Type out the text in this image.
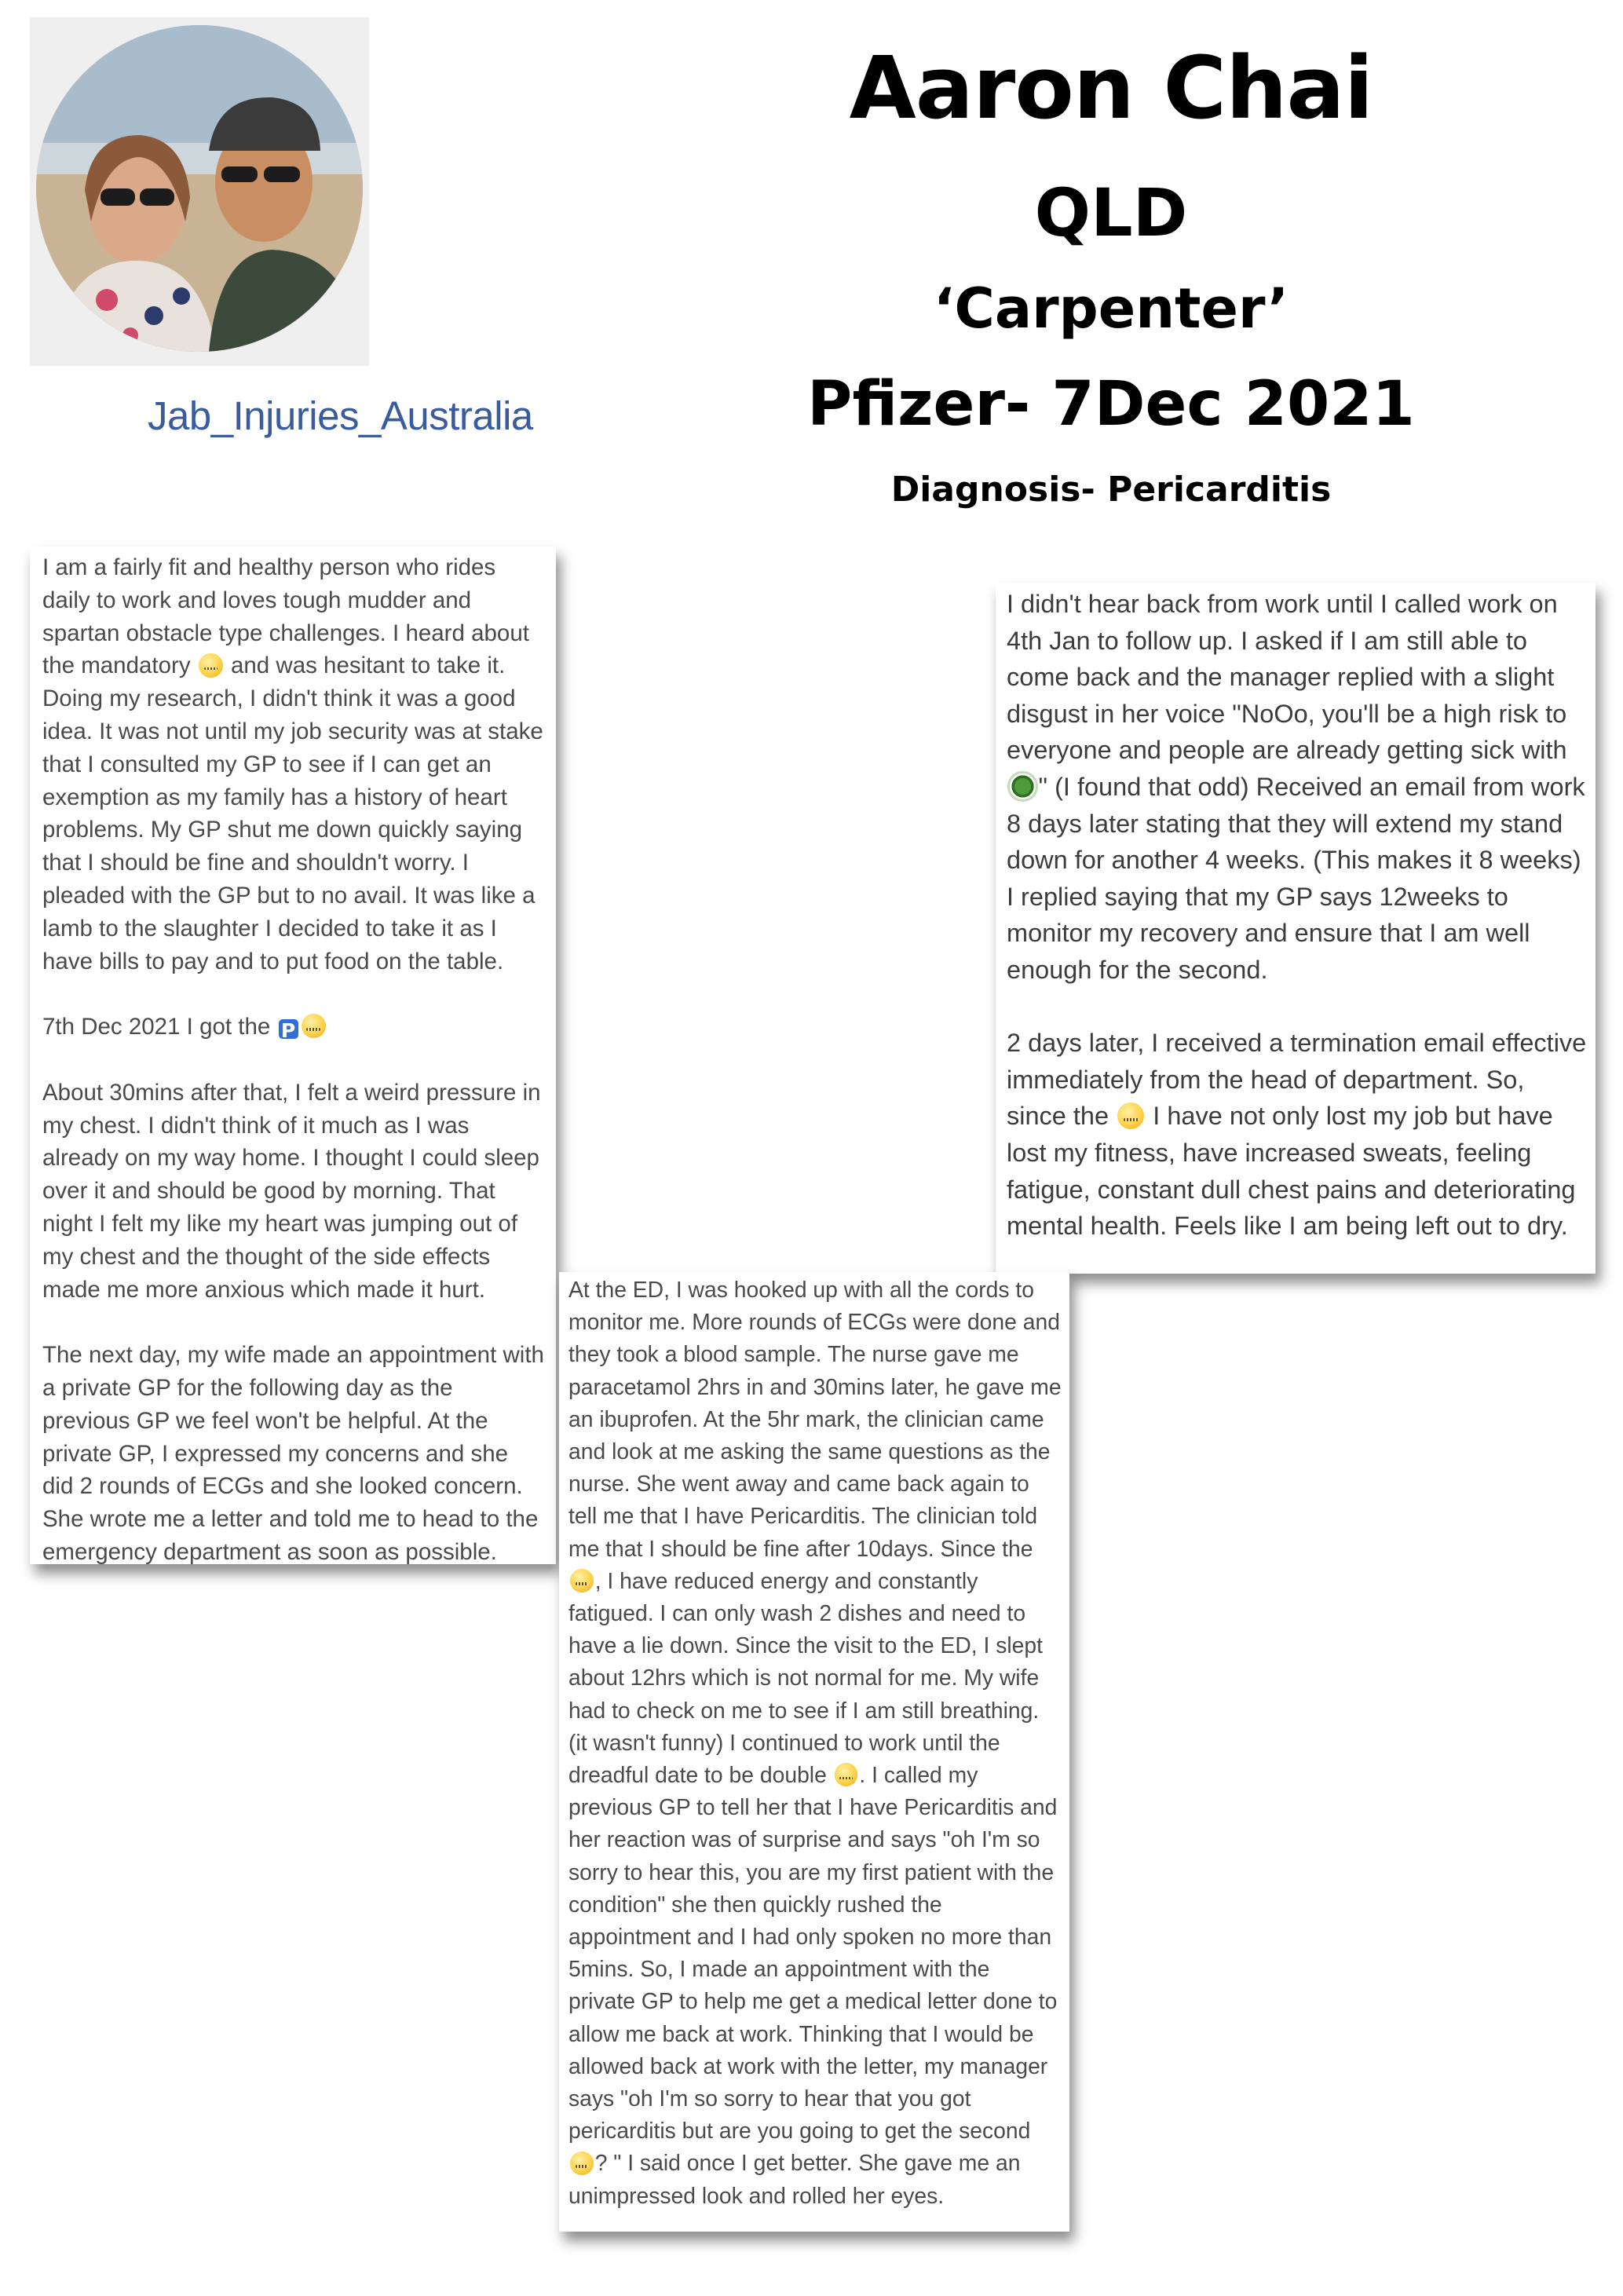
Jab_Injuries_Australia
Aaron Chai
QLD
‘Carpenter’
Pfizer- 7Dec 2021
Diagnosis- Pericarditis

I am a fairly fit and healthy person who rides daily to work and loves tough mudder and spartan obstacle type challenges. I heard about the mandatory and was hesitant to take it. Doing my research, I didn't think it was a good idea. It was not until my job security was at stake that I consulted my GP to see if I can get an exemption as my family has a history of heart problems. My GP shut me down quickly saying that I should be fine and shouldn't worry. I pleaded with the GP but to no avail. It was like a lamb to the slaughter I decided to take it as I have bills to pay and to put food on the table.

7th Dec 2021 I got the P

About 30mins after that, I felt a weird pressure in my chest. I didn't think of it much as I was already on my way home. I thought I could sleep over it and should be good by morning. That night I felt my like my heart was jumping out of my chest and the thought of the side effects made me more anxious which made it hurt.

The next day, my wife made an appointment with a private GP for the following day as the previous GP we feel won't be helpful. At the private GP, I expressed my concerns and she did 2 rounds of ECGs and she looked concern. She wrote me a letter and told me to head to the emergency department as soon as possible.

I didn't hear back from work until I called work on 4th Jan to follow up. I asked if I am still able to come back and the manager replied with a slight disgust in her voice "NoOo, you'll be a high risk to everyone and people are already getting sick with " (I found that odd) Received an email from work 8 days later stating that they will extend my stand down for another 4 weeks. (This makes it 8 weeks) I replied saying that my GP says 12weeks to monitor my recovery and ensure that I am well enough for the second.

2 days later, I received a termination email effective immediately from the head of department. So, since the I have not only lost my job but have lost my fitness, have increased sweats, feeling fatigue, constant dull chest pains and deteriorating mental health. Feels like I am being left out to dry.

At the ED, I was hooked up with all the cords to monitor me. More rounds of ECGs were done and they took a blood sample. The nurse gave me paracetamol 2hrs in and 30mins later, he gave me an ibuprofen. At the 5hr mark, the clinician came and look at me asking the same questions as the nurse. She went away and came back again to tell me that I have Pericarditis. The clinician told me that I should be fine after 10days. Since the , I have reduced energy and constantly fatigued. I can only wash 2 dishes and need to have a lie down. Since the visit to the ED, I slept about 12hrs which is not normal for me. My wife had to check on me to see if I am still breathing. (it wasn't funny) I continued to work until the dreadful date to be double . I called my previous GP to tell her that I have Pericarditis and her reaction was of surprise and says "oh I'm so sorry to hear this, you are my first patient with the condition" she then quickly rushed the appointment and I had only spoken no more than 5mins. So, I made an appointment with the private GP to help me get a medical letter done to allow me back at work. Thinking that I would be allowed back at work with the letter, my manager says "oh I'm so sorry to hear that you got pericarditis but are you going to get the second ? " I said once I get better. She gave me an unimpressed look and rolled her eyes.
